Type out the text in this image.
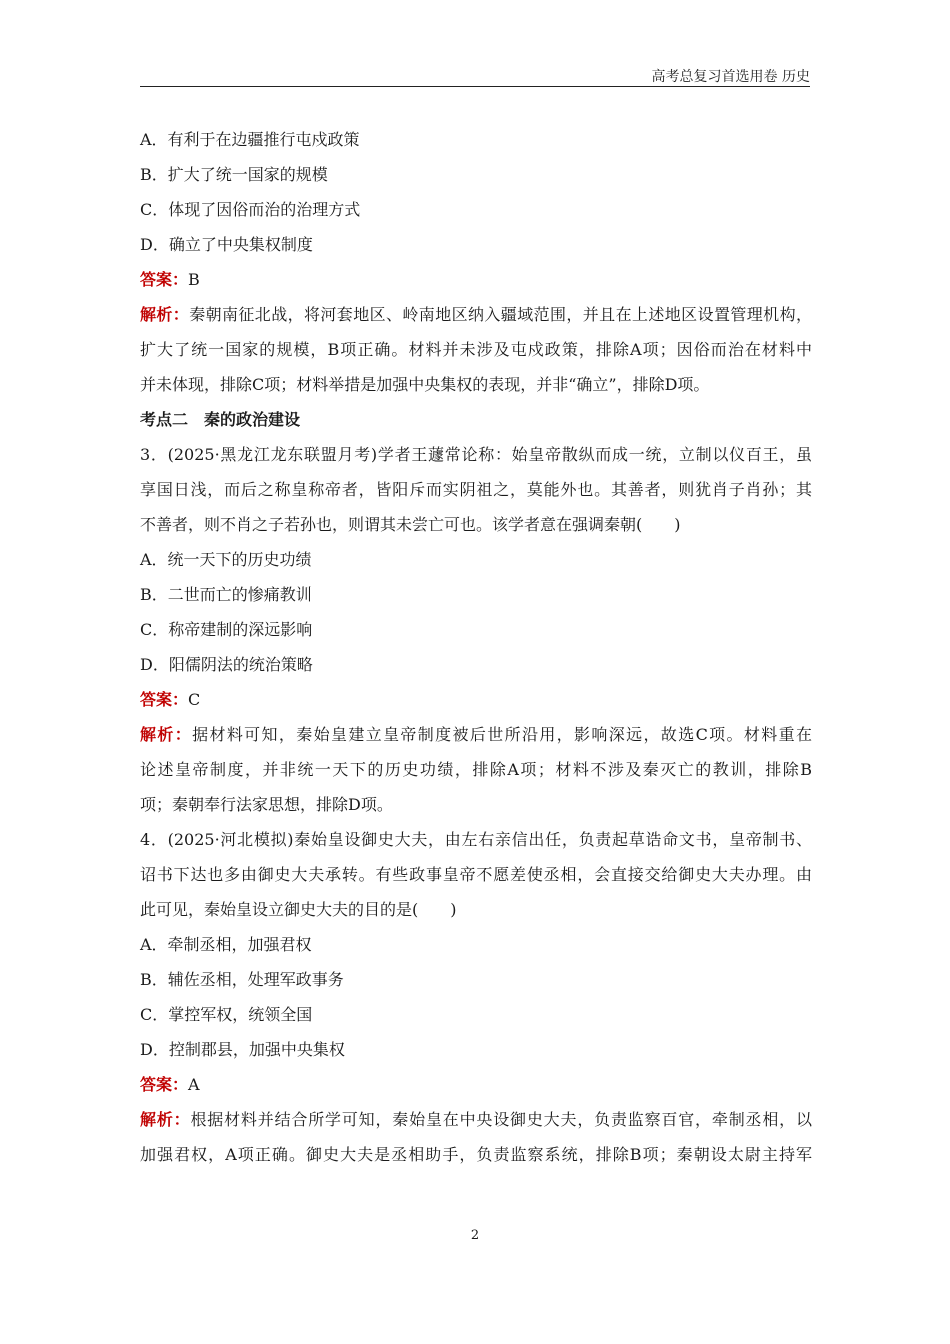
高考总复习首选用卷 历史
A．有利于在边疆推行屯戍政策
B．扩大了统一国家的规模
C．体现了因俗而治的治理方式
D．确立了中央集权制度
答案：B
解析：秦朝南征北战，将河套地区、岭南地区纳入疆域范围，并且在上述地区设置管理机构，
扩大了统一国家的规模，B项正确。材料并未涉及屯戍政策，排除A项；因俗而治在材料中
并未体现，排除C项；材料举措是加强中央集权的表现，并非“确立”，排除D项。
考点二　秦的政治建设
3．(2025·黑龙江龙东联盟月考)学者王蘧常论称：始皇帝散纵而成一统，立制以仪百王，虽
享国日浅，而后之称皇称帝者，皆阳斥而实阴祖之，莫能外也。其善者，则犹肖子肖孙；其
不善者，则不肖之子若孙也，则谓其未尝亡可也。该学者意在强调秦朝(　　)
A．统一天下的历史功绩
B．二世而亡的惨痛教训
C．称帝建制的深远影响
D．阳儒阴法的统治策略
答案：C
解析：据材料可知，秦始皇建立皇帝制度被后世所沿用，影响深远，故选C项。材料重在
论述皇帝制度，并非统一天下的历史功绩，排除A项；材料不涉及秦灭亡的教训，排除B
项；秦朝奉行法家思想，排除D项。
4．(2025·河北模拟)秦始皇设御史大夫，由左右亲信出任，负责起草诰命文书，皇帝制书、
诏书下达也多由御史大夫承转。有些政事皇帝不愿差使丞相，会直接交给御史大夫办理。由
此可见，秦始皇设立御史大夫的目的是(　　)
A．牵制丞相，加强君权
B．辅佐丞相，处理军政事务
C．掌控军权，统领全国
D．控制郡县，加强中央集权
答案：A
解析：根据材料并结合所学可知，秦始皇在中央设御史大夫，负责监察百官，牵制丞相，以
加强君权，A项正确。御史大夫是丞相助手，负责监察系统，排除B项；秦朝设太尉主持军
2
